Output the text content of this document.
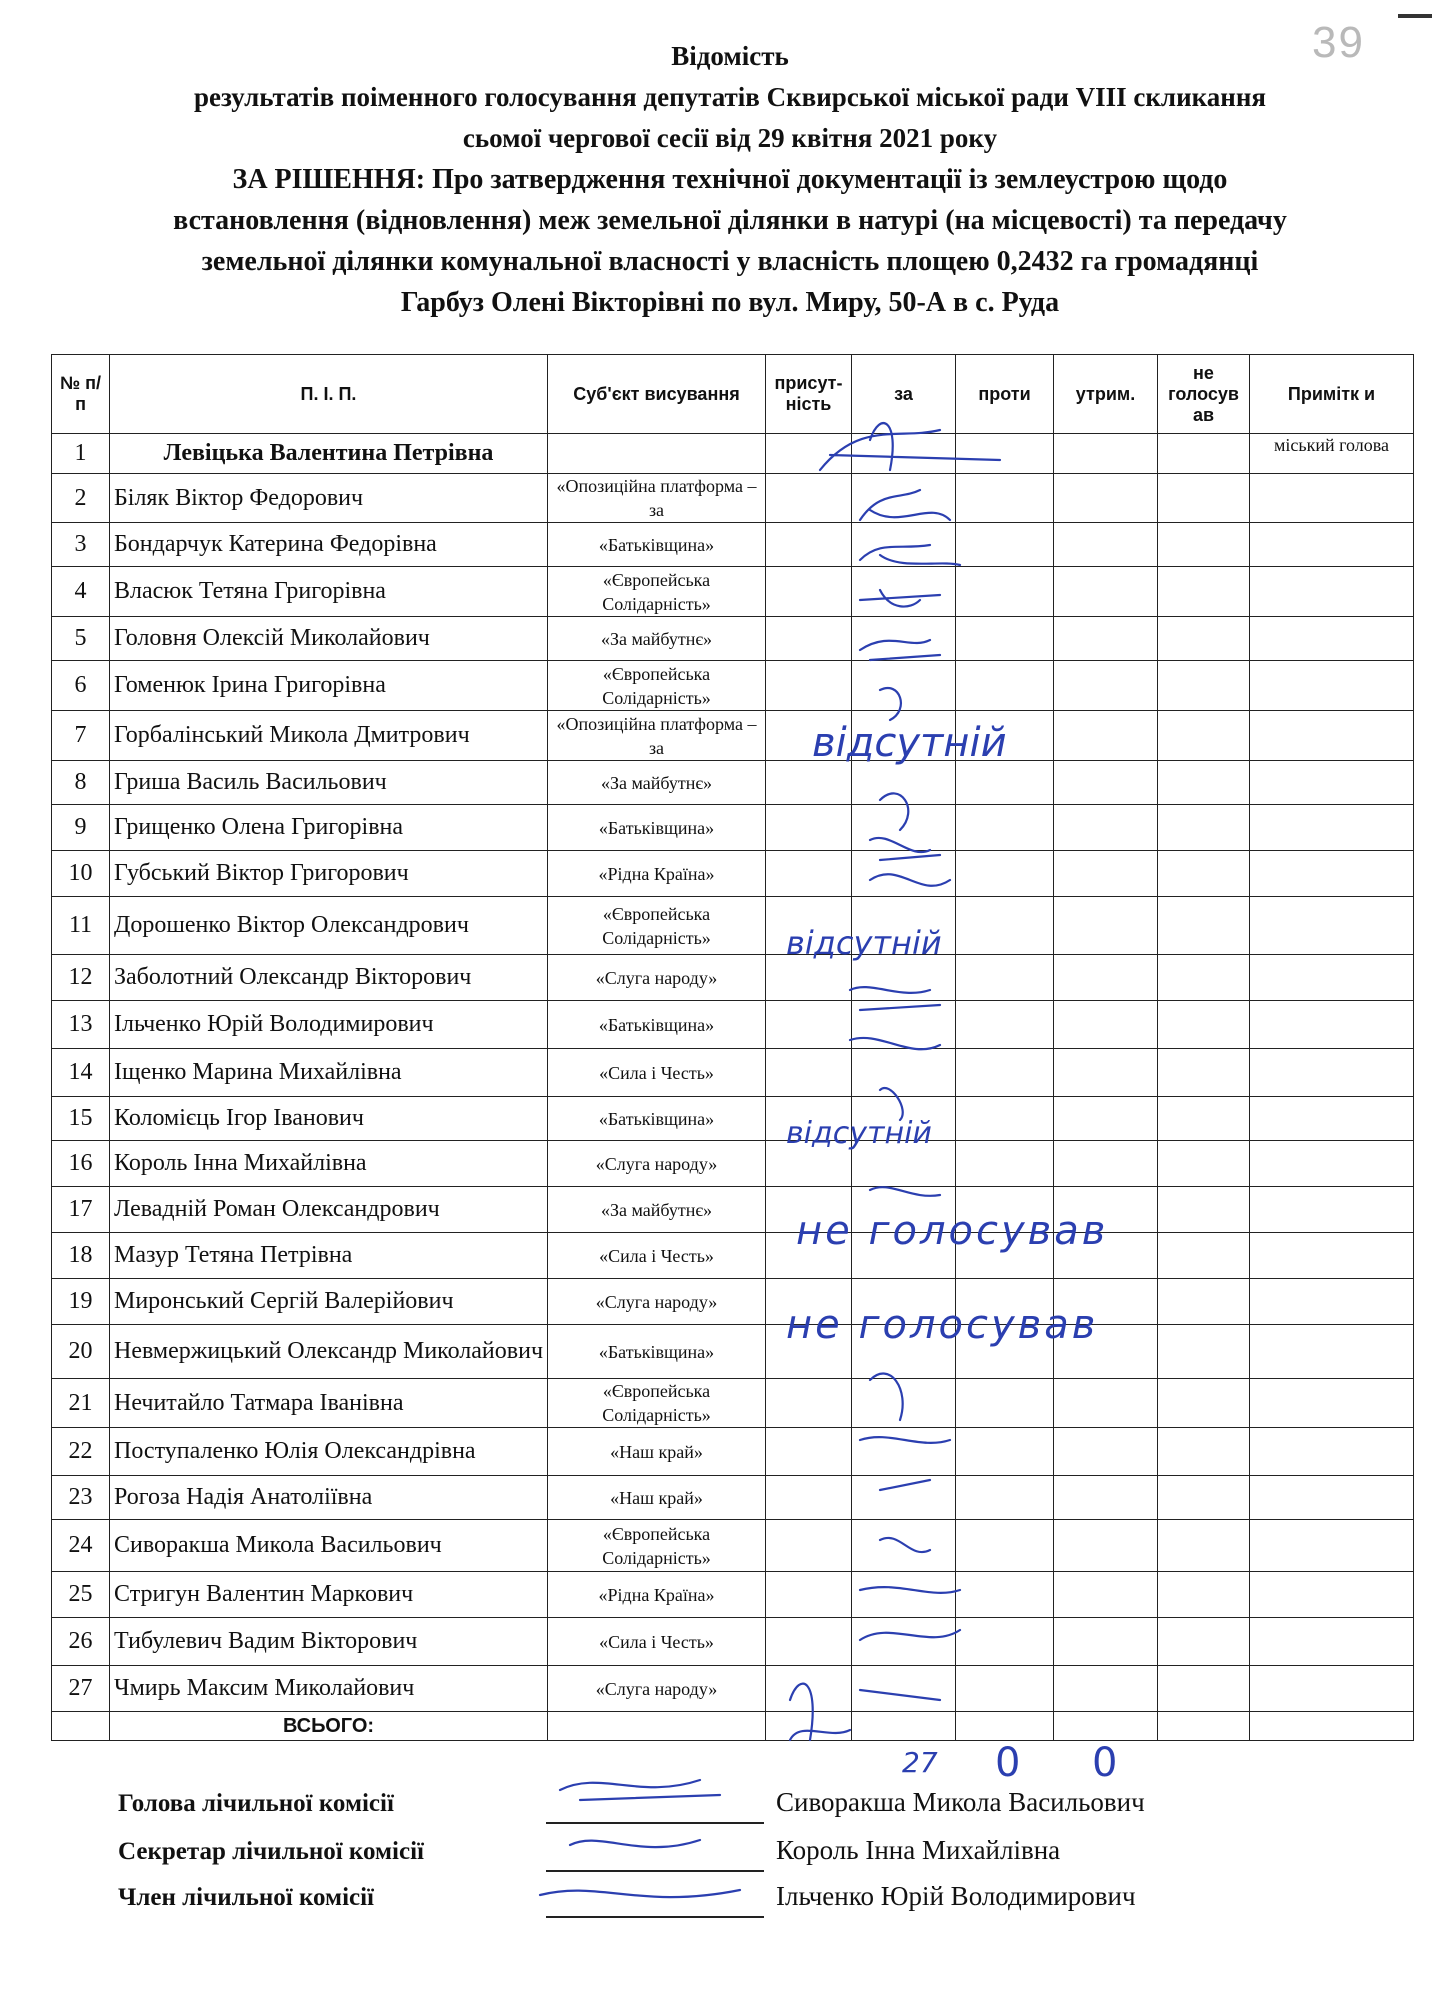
39
Відомість
результатів поіменного голосування депутатів Сквирської міської ради VIII скликання
сьомої чергової сесії від 29 квітня 2021 року
ЗА РІШЕННЯ: Про затвердження технічної документації із землеустрою щодо
встановлення (відновлення) меж земельної ділянки в натурі (на місцевості) та передачу
земельної ділянки комунальної власності у власність площею 0,2432 га громадянці
Гарбуз Олені Вікторівні по вул. Миру, 50-А в с. Руда
№ п/п	П. І. П.	Суб'єкт висування	присут-ність	за	проти	утрим.	не голосув ав	Примітк и
1	Левіцька Валентина Петрівна							міський голова
2	Біляк Віктор Федорович	«Опозиційна платформа – за						
3	Бондарчук Катерина Федорівна	«Батьківщина»						
4	Власюк Тетяна Григорівна	«Європейська Солідарність»						
5	Головня Олексій Миколайович	«За майбутнє»						
6	Гоменюк Ірина Григорівна	«Європейська Солідарність»						
7	Горбалінський Микола Дмитрович	«Опозиційна платформа – за						
8	Гриша Василь Васильович	«За майбутнє»						
9	Грищенко Олена Григорівна	«Батьківщина»						
10	Губський Віктор Григорович	«Рідна Країна»						
11	Дорошенко Віктор Олександрович	«Європейська Солідарність»						
12	Заболотний Олександр Вікторович	«Слуга народу»						
13	Ільченко Юрій Володимирович	«Батьківщина»						
14	Іщенко Марина Михайлівна	«Сила і Честь»						
15	Коломієць Ігор Іванович	«Батьківщина»						
16	Король Інна Михайлівна	«Слуга народу»						
17	Левадній Роман Олександрович	«За майбутнє»						
18	Мазур Тетяна Петрівна	«Сила і Честь»						
19	Миронський Сергій Валерійович	«Слуга народу»						
20	Невмержицький Олександр Миколайович	«Батьківщина»						
21	Нечитайло Татмара Іванівна	«Європейська Солідарність»						
22	Поступаленко Юлія Олександрівна	«Наш край»						
23	Рогоза Надія Анатоліївна	«Наш край»						
24	Сиворакша Микола Васильович	«Європейська Солідарність»						
25	Стригун Валентин Маркович	«Рідна Країна»						
26	Тибулевич Вадим Вікторович	«Сила і Честь»						
27	Чмирь Максим Миколайович	«Слуга народу»						
	ВСЬОГО:							
відсутній
відсутній
відсутній
не голосував
не голосував
27 0 0
Голова лічильної комісії	Сиворакша Микола Васильович
Секретар лічильної комісії	Король Інна Михайлівна
Член лічильної комісії	Ільченко Юрій Володимирович
